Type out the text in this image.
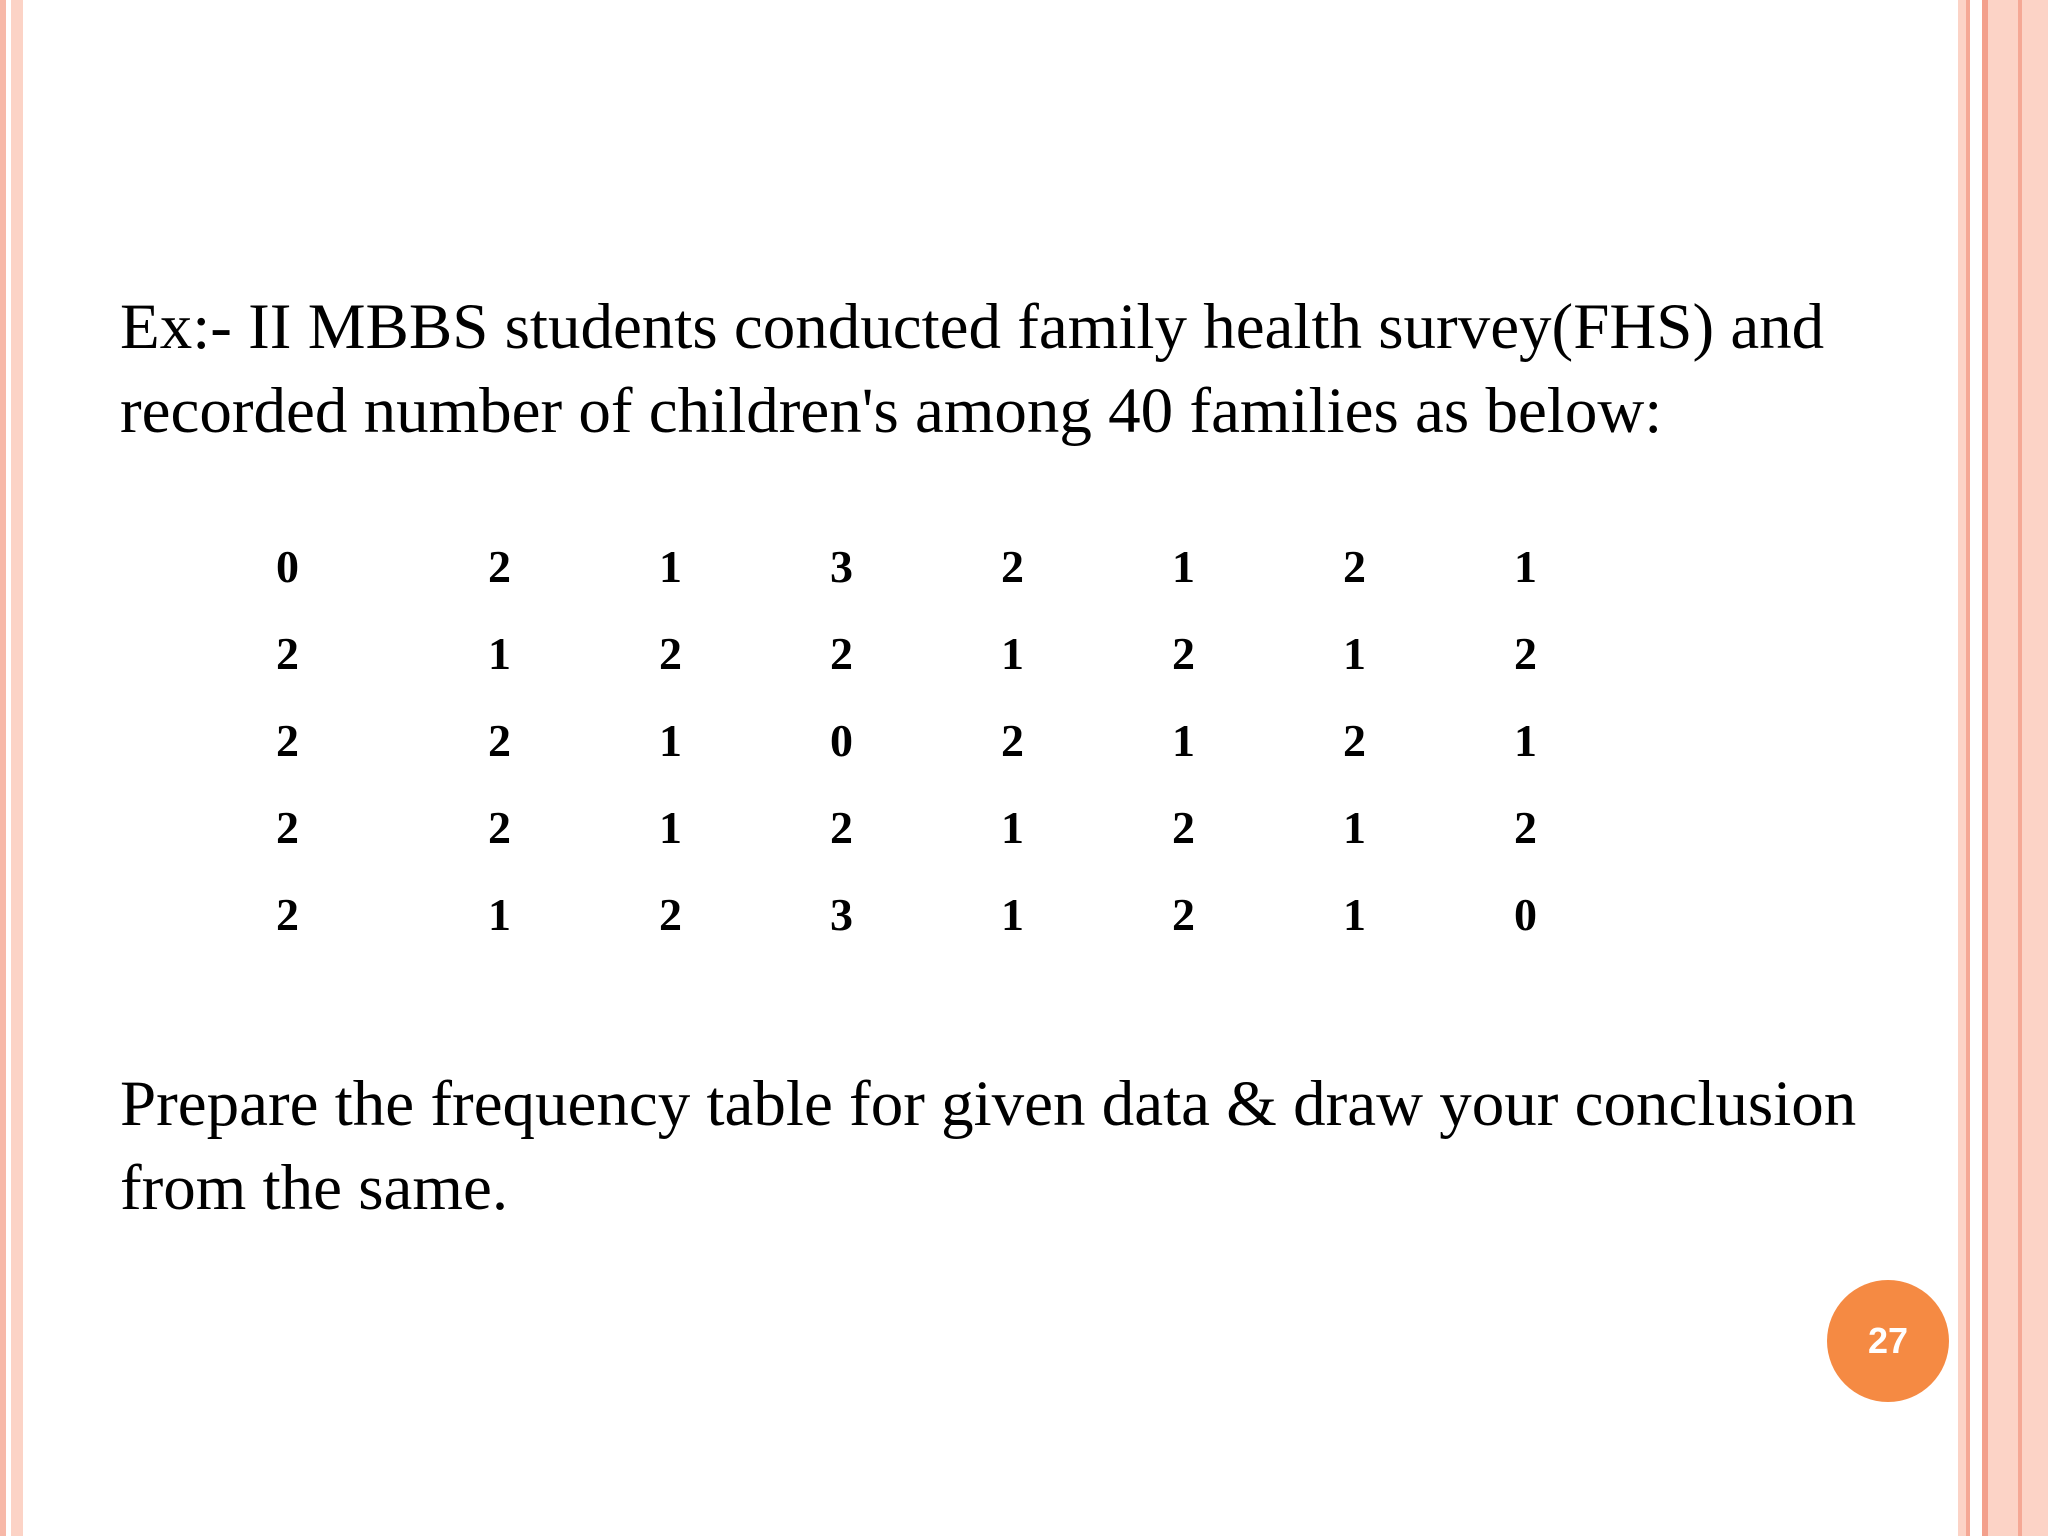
Ex:- II MBBS students conducted family health survey(FHS) and recorded number of children's among 40 families as below:

0	2	1	3	2	1	2	1
2	1	2	2	1	2	1	2
2	2	1	0	2	1	2	1
2	2	1	2	1	2	1	2
2	1	2	3	1	2	1	0

Prepare the frequency table for given data & draw your conclusion from the same.

27
